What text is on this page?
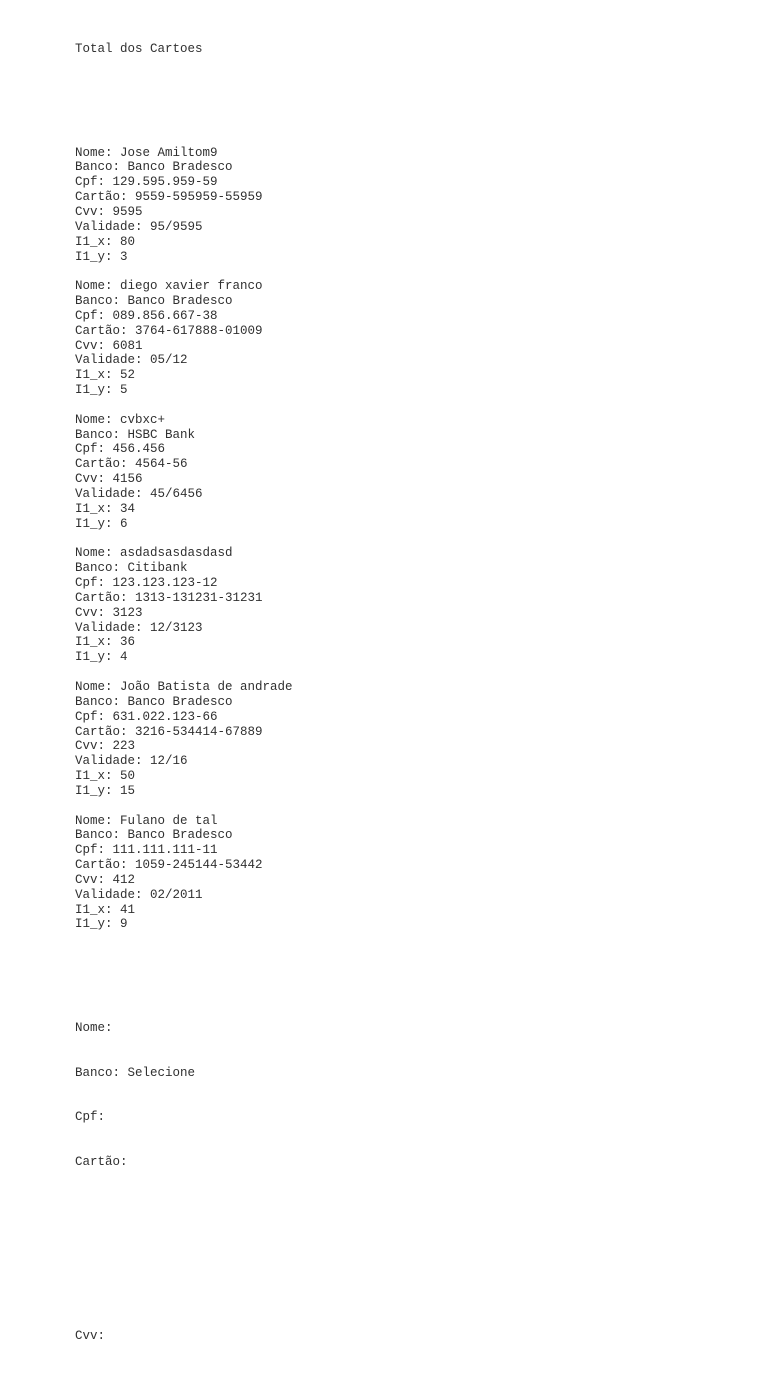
Total dos Cartoes

Nome: Jose Amiltom9
Banco: Banco Bradesco
Cpf: 129.595.959-59
Cartão: 9559-595959-55959
Cvv: 9595
Validade: 95/9595
I1_x: 80
I1_y: 3
Nome: diego xavier franco
Banco: Banco Bradesco
Cpf: 089.856.667-38
Cartão: 3764-617888-01009
Cvv: 6081
Validade: 05/12
I1_x: 52
I1_y: 5
Nome: cvbxc+
Banco: HSBC Bank
Cpf: 456.456
Cartão: 4564-56
Cvv: 4156
Validade: 45/6456
I1_x: 34
I1_y: 6
Nome: asdadsasdasdasd
Banco: Citibank
Cpf: 123.123.123-12
Cartão: 1313-131231-31231
Cvv: 3123
Validade: 12/3123
I1_x: 36
I1_y: 4
Nome: João Batista de andrade
Banco: Banco Bradesco
Cpf: 631.022.123-66
Cartão: 3216-534414-67889
Cvv: 223
Validade: 12/16
I1_x: 50
I1_y: 15
Nome: Fulano de tal
Banco: Banco Bradesco
Cpf: 111.111.111-11
Cartão: 1059-245144-53442
Cvv: 412
Validade: 02/2011
I1_x: 41
I1_y: 9

Nome:

Banco: Selecione

Cpf:

Cartão:

Cvv:
